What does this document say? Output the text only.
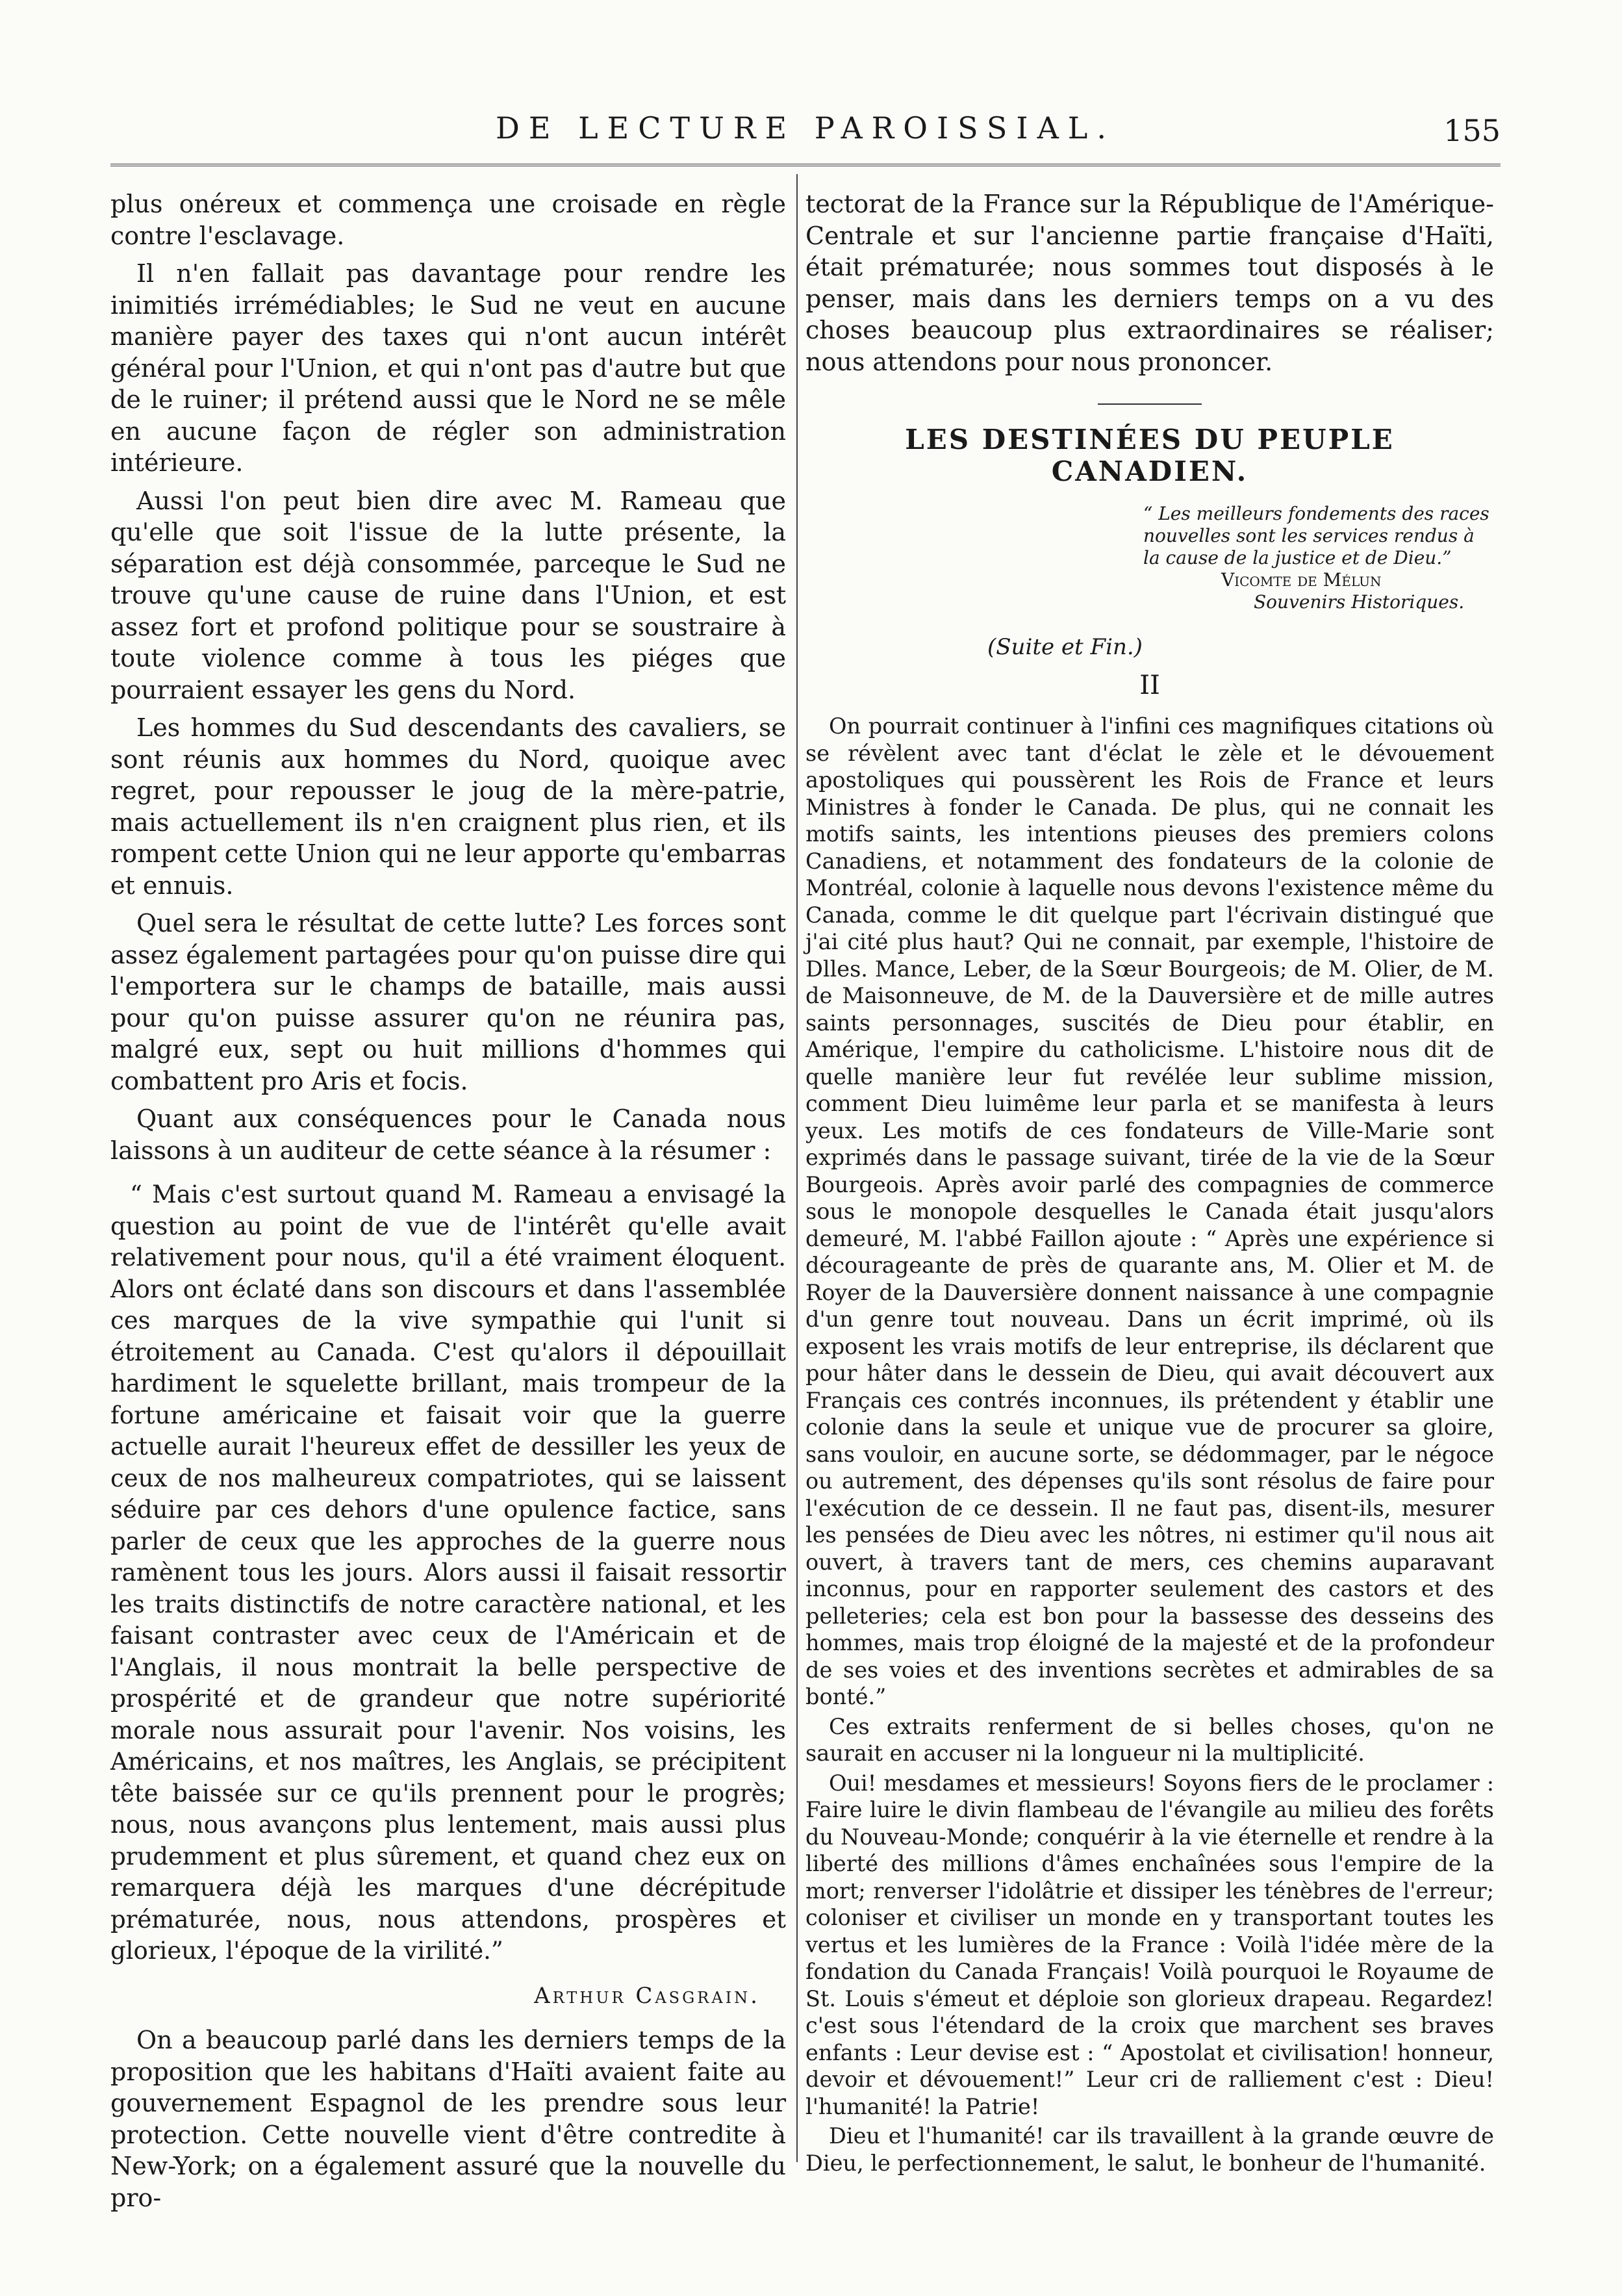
DE LECTURE PAROISSIAL.	155

plus onéreux et commença une croisade en règle contre l'esclavage.

Il n'en fallait pas davantage pour rendre les inimitiés irrémédiables; le Sud ne veut en aucune manière payer des taxes qui n'ont aucun intérêt général pour l'Union, et qui n'ont pas d'autre but que de le ruiner; il prétend aussi que le Nord ne se mêle en aucune façon de régler son administration intérieure.

Aussi l'on peut bien dire avec M. Rameau que qu'elle que soit l'issue de la lutte présente, la séparation est déjà consommée, parceque le Sud ne trouve qu'une cause de ruine dans l'Union, et est assez fort et profond politique pour se soustraire à toute violence comme à tous les piéges que pourraient essayer les gens du Nord.

Les hommes du Sud descendants des cavaliers, se sont réunis aux hommes du Nord, quoique avec regret, pour repousser le joug de la mère-patrie, mais actuellement ils n'en craignent plus rien, et ils rompent cette Union qui ne leur apporte qu'embarras et ennuis.

Quel sera le résultat de cette lutte? Les forces sont assez également partagées pour qu'on puisse dire qui l'emportera sur le champs de bataille, mais aussi pour qu'on puisse assurer qu'on ne réunira pas, malgré eux, sept ou huit millions d'hommes qui combattent pro Aris et focis.

Quant aux conséquences pour le Canada nous laissons à un auditeur de cette séance à la résumer :

“ Mais c'est surtout quand M. Rameau a envisagé la question au point de vue de l'intérêt qu'elle avait relativement pour nous, qu'il a été vraiment éloquent. Alors ont éclaté dans son discours et dans l'assemblée ces marques de la vive sympathie qui l'unit si étroitement au Canada. C'est qu'alors il dépouillait hardiment le squelette brillant, mais trompeur de la fortune américaine et faisait voir que la guerre actuelle aurait l'heureux effet de dessiller les yeux de ceux de nos malheureux compatriotes, qui se laissent séduire par ces dehors d'une opulence factice, sans parler de ceux que les approches de la guerre nous ramènent tous les jours. Alors aussi il faisait ressortir les traits distinctifs de notre caractère national, et les faisant contraster avec ceux de l'Américain et de l'Anglais, il nous montrait la belle perspective de prospérité et de grandeur que notre supériorité morale nous assurait pour l'avenir. Nos voisins, les Américains, et nos maîtres, les Anglais, se précipitent tête baissée sur ce qu'ils prennent pour le progrès; nous, nous avançons plus lentement, mais aussi plus prudemment et plus sûrement, et quand chez eux on remarquera déjà les marques d'une décrépitude prématurée, nous, nous attendons, prospères et glorieux, l'époque de la virilité.”

Arthur Casgrain.

On a beaucoup parlé dans les derniers temps de la proposition que les habitans d'Haïti avaient faite au gouvernement Espagnol de les prendre sous leur protection. Cette nouvelle vient d'être contredite à New-York; on a également assuré que la nouvelle du pro-

tectorat de la France sur la République de l'Amérique-Centrale et sur l'ancienne partie française d'Haïti, était prématurée; nous sommes tout disposés à le penser, mais dans les derniers temps on a vu des choses beaucoup plus extraordinaires se réaliser; nous attendons pour nous prononcer.

LES DESTINÉES DU PEUPLE CANADIEN.
“ Les meilleurs fondements des races nouvelles sont les services rendus à la cause de la justice et de Dieu.”
Vicomte de Mélun
Souvenirs Historiques.
(Suite et Fin.)
II

On pourrait continuer à l'infini ces magnifiques citations où se révèlent avec tant d'éclat le zèle et le dévouement apostoliques qui poussèrent les Rois de France et leurs Ministres à fonder le Canada. De plus, qui ne connait les motifs saints, les intentions pieuses des premiers colons Canadiens, et notamment des fondateurs de la colonie de Montréal, colonie à laquelle nous devons l'existence même du Canada, comme le dit quelque part l'écrivain distingué que j'ai cité plus haut? Qui ne connait, par exemple, l'histoire de Dlles. Mance, Leber, de la Sœur Bourgeois; de M. Olier, de M. de Maisonneuve, de M. de la Dauversière et de mille autres saints personnages, suscités de Dieu pour établir, en Amérique, l'empire du catholicisme. L'histoire nous dit de quelle manière leur fut revélée leur sublime mission, comment Dieu luimême leur parla et se manifesta à leurs yeux. Les motifs de ces fondateurs de Ville-Marie sont exprimés dans le passage suivant, tirée de la vie de la Sœur Bourgeois. Après avoir parlé des compagnies de commerce sous le monopole desquelles le Canada était jusqu'alors demeuré, M. l'abbé Faillon ajoute : “ Après une expérience si décourageante de près de quarante ans, M. Olier et M. de Royer de la Dauversière donnent naissance à une compagnie d'un genre tout nouveau. Dans un écrit imprimé, où ils exposent les vrais motifs de leur entreprise, ils déclarent que pour hâter dans le dessein de Dieu, qui avait découvert aux Français ces contrés inconnues, ils prétendent y établir une colonie dans la seule et unique vue de procurer sa gloire, sans vouloir, en aucune sorte, se dédommager, par le négoce ou autrement, des dépenses qu'ils sont résolus de faire pour l'exécution de ce dessein. Il ne faut pas, disent-ils, mesurer les pensées de Dieu avec les nôtres, ni estimer qu'il nous ait ouvert, à travers tant de mers, ces chemins auparavant inconnus, pour en rapporter seulement des castors et des pelleteries; cela est bon pour la bassesse des desseins des hommes, mais trop éloigné de la majesté et de la profondeur de ses voies et des inventions secrètes et admirables de sa bonté.”

Ces extraits renferment de si belles choses, qu'on ne saurait en accuser ni la longueur ni la multiplicité.

Oui! mesdames et messieurs! Soyons fiers de le proclamer : Faire luire le divin flambeau de l'évangile au milieu des forêts du Nouveau-Monde; conquérir à la vie éternelle et rendre à la liberté des millions d'âmes enchaînées sous l'empire de la mort; renverser l'idolâtrie et dissiper les ténèbres de l'erreur; coloniser et civiliser un monde en y transportant toutes les vertus et les lumières de la France : Voilà l'idée mère de la fondation du Canada Français! Voilà pourquoi le Royaume de St. Louis s'émeut et déploie son glorieux drapeau. Regardez! c'est sous l'étendard de la croix que marchent ses braves enfants : Leur devise est : “ Apostolat et civilisation! honneur, devoir et dévouement!” Leur cri de ralliement c'est : Dieu! l'humanité! la Patrie!

Dieu et l'humanité! car ils travaillent à la grande œuvre de Dieu, le perfectionnement, le salut, le bonheur de l'humanité.
